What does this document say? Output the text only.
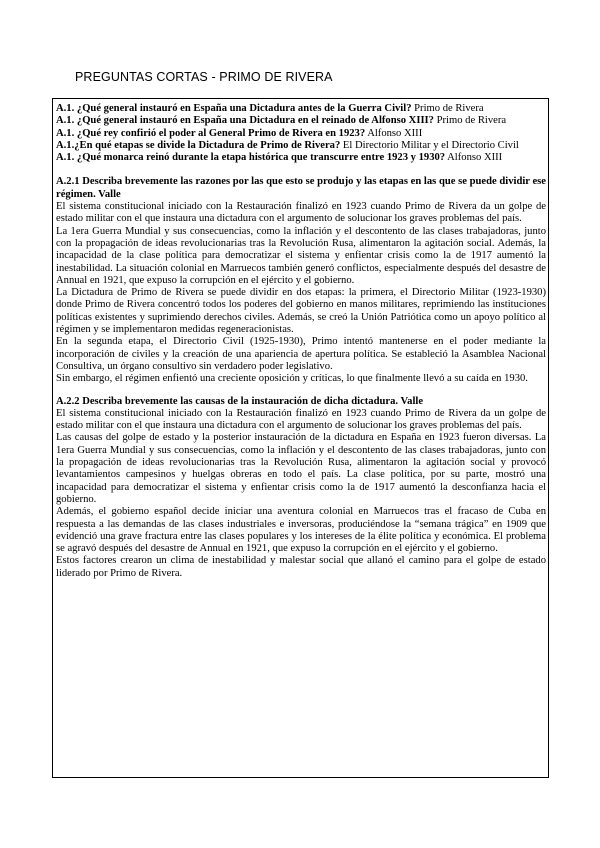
PREGUNTAS CORTAS - PRIMO DE RIVERA
A.1. ¿Qué general instauró en España una Dictadura antes de la Guerra Civil? Primo de Rivera
A.1. ¿Qué general instauró en España una Dictadura en el reinado de Alfonso XIII? Primo de Rivera
A.1. ¿Qué rey confirió el poder al General Primo de Rivera en 1923? Alfonso XIII
A.1.¿En qué etapas se divide la Dictadura de Primo de Rivera? El Directorio Militar y el Directorio Civil
A.1. ¿Qué monarca reinó durante la etapa histórica que transcurre entre 1923 y 1930? Alfonso XIII
A.2.1 Describa brevemente las razones por las que esto se produjo y las etapas en las que se puede dividir ese régimen. Valle

El sistema constitucional iniciado con la Restauración finalizó en 1923 cuando Primo de Rivera da un golpe de estado militar con el que instaura una dictadura con el argumento de solucionar los graves problemas del país.

La 1era Guerra Mundial y sus consecuencias, como la inflación y el descontento de las clases trabajadoras, junto con la propagación de ideas revolucionarias tras la Revolución Rusa, alimentaron la agitación social. Además, la incapacidad de la clase política para democratizar el sistema y enfientar crisis como la de 1917 aumentó la inestabilidad. La situación colonial en Marruecos también generó conflictos, especialmente después del desastre de Annual en 1921, que expuso la corrupción en el ejército y el gobierno.

La Dictadura de Primo de Rivera se puede dividir en dos etapas: la primera, el Directorio Militar (1923-1930) donde Primo de Rivera concentró todos los poderes del gobierno en manos militares, reprimiendo las instituciones políticas existentes y suprimiendo derechos civiles. Además, se creó la Unión Patriótica como un apoyo político al régimen y se implementaron medidas regeneracionistas.

En la segunda etapa, el Directorio Civil (1925-1930), Primo intentó mantenerse en el poder mediante la incorporación de civiles y la creación de una apariencia de apertura política. Se estableció la Asamblea Nacional Consultiva, un órgano consultivo sin verdadero poder legislativo.

Sin embargo, el régimen enfientó una creciente oposición y críticas, lo que finalmente llevó a su caída en 1930.

A.2.2 Describa brevemente las causas de la instauración de dicha dictadura. Valle

El sistema constitucional iniciado con la Restauración finalizó en 1923 cuando Primo de Rivera da un golpe de estado militar con el que instaura una dictadura con el argumento de solucionar los graves problemas del país.

Las causas del golpe de estado y la posterior instauración de la dictadura en España en 1923 fueron diversas. La 1era Guerra Mundial y sus consecuencias, como la inflación y el descontento de las clases trabajadoras, junto con la propagación de ideas revolucionarias tras la Revolución Rusa, alimentaron la agitación social y provocó levantamientos campesinos y huelgas obreras en todo el país. La clase política, por su parte, mostró una incapacidad para democratizar el sistema y enfientar crisis como la de 1917 aumentó la desconfianza hacia el gobierno.

Además, el gobierno español decide iniciar una aventura colonial en Marruecos tras el fracaso de Cuba en respuesta a las demandas de las clases industriales e inversoras, produciéndose la “semana trágica” en 1909 que evidenció una grave fractura entre las clases populares y los intereses de la élite política y económica. El problema se agravó después del desastre de Annual en 1921, que expuso la corrupción en el ejército y el gobierno.

Estos factores crearon un clima de inestabilidad y malestar social que allanó el camino para el golpe de estado liderado por Primo de Rivera.
